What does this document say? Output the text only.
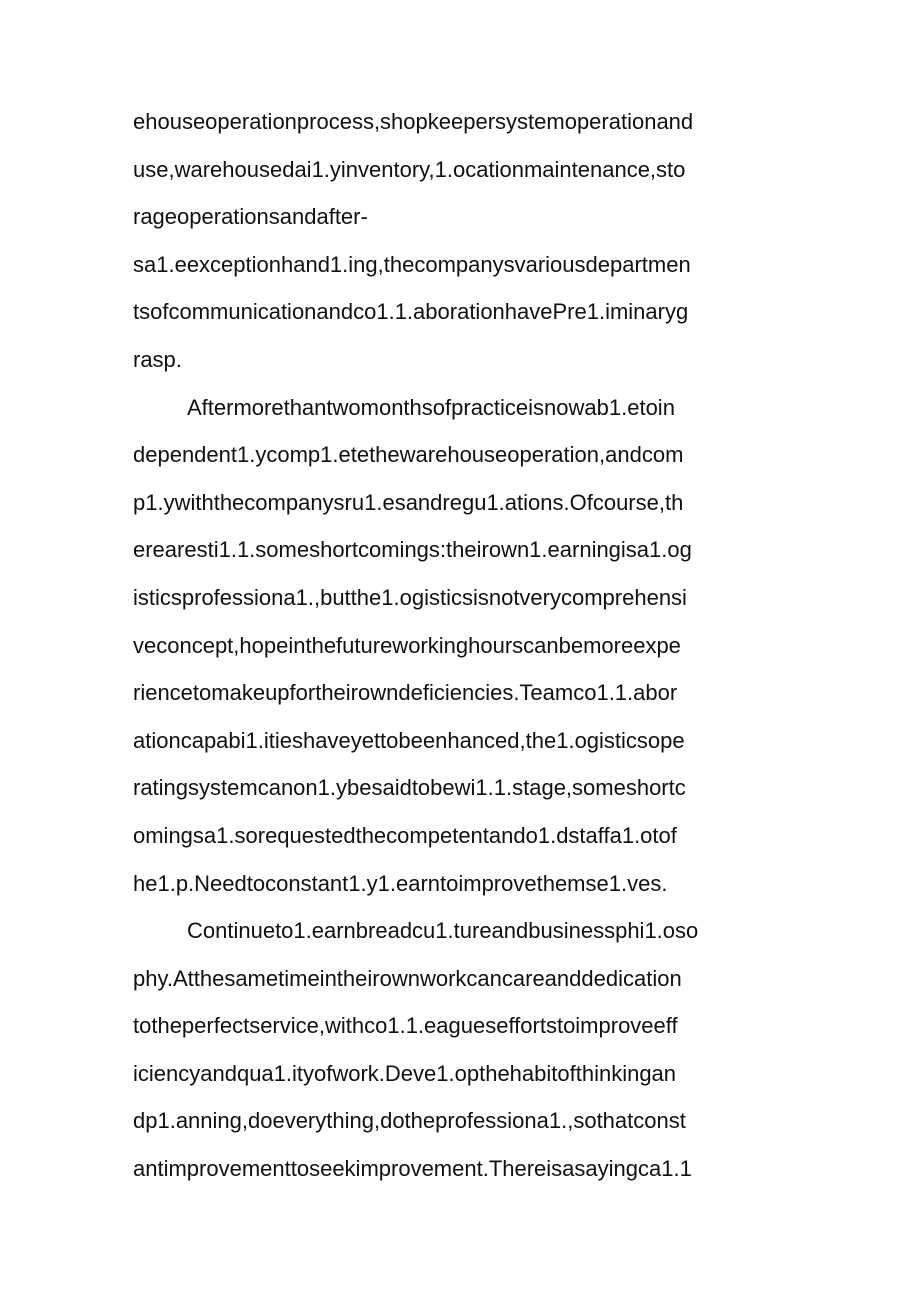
ehouseoperationprocess,shopkeepersystemoperationand
use,warehousedai1.yinventory,1.ocationmaintenance,sto
rageoperationsandafter-
sa1.eexceptionhand1.ing,thecompanysvariousdepartmen
tsofcommunicationandco1.1.aborationhavePre1.iminaryg
rasp.
Aftermorethantwomonthsofpracticeisnowab1.etoin
dependent1.ycomp1.etethewarehouseoperation,andcom
p1.ywiththecompanysru1.esandregu1.ations.Ofcourse,th
erearesti1.1.someshortcomings:theirown1.earningisa1.og
isticsprofessiona1.,butthe1.ogisticsisnotverycomprehensi
veconcept,hopeinthefutureworkinghourscanbemoreexpe
riencetomakeupfortheirowndeficiencies.Teamco1.1.abor
ationcapabi1.itieshaveyettobeenhanced,the1.ogisticsope
ratingsystemcanon1.ybesaidtobewi1.1.stage,someshortc
omingsa1.sorequestedthecompetentando1.dstaffa1.otof
he1.p.Needtoconstant1.y1.earntoimprovethemse1.ves.
Continueto1.earnbreadcu1.tureandbusinessphi1.oso
phy.Atthesametimeintheirownworkcancareanddedication
totheperfectservice,withco1.1.eagueseffortstoimproveeff
iciencyandqua1.ityofwork.Deve1.opthehabitofthinkingan
dp1.anning,doeverything,dotheprofessiona1.,sothatconst
antimprovementtoseekimprovement.Thereisasayingca1.1
